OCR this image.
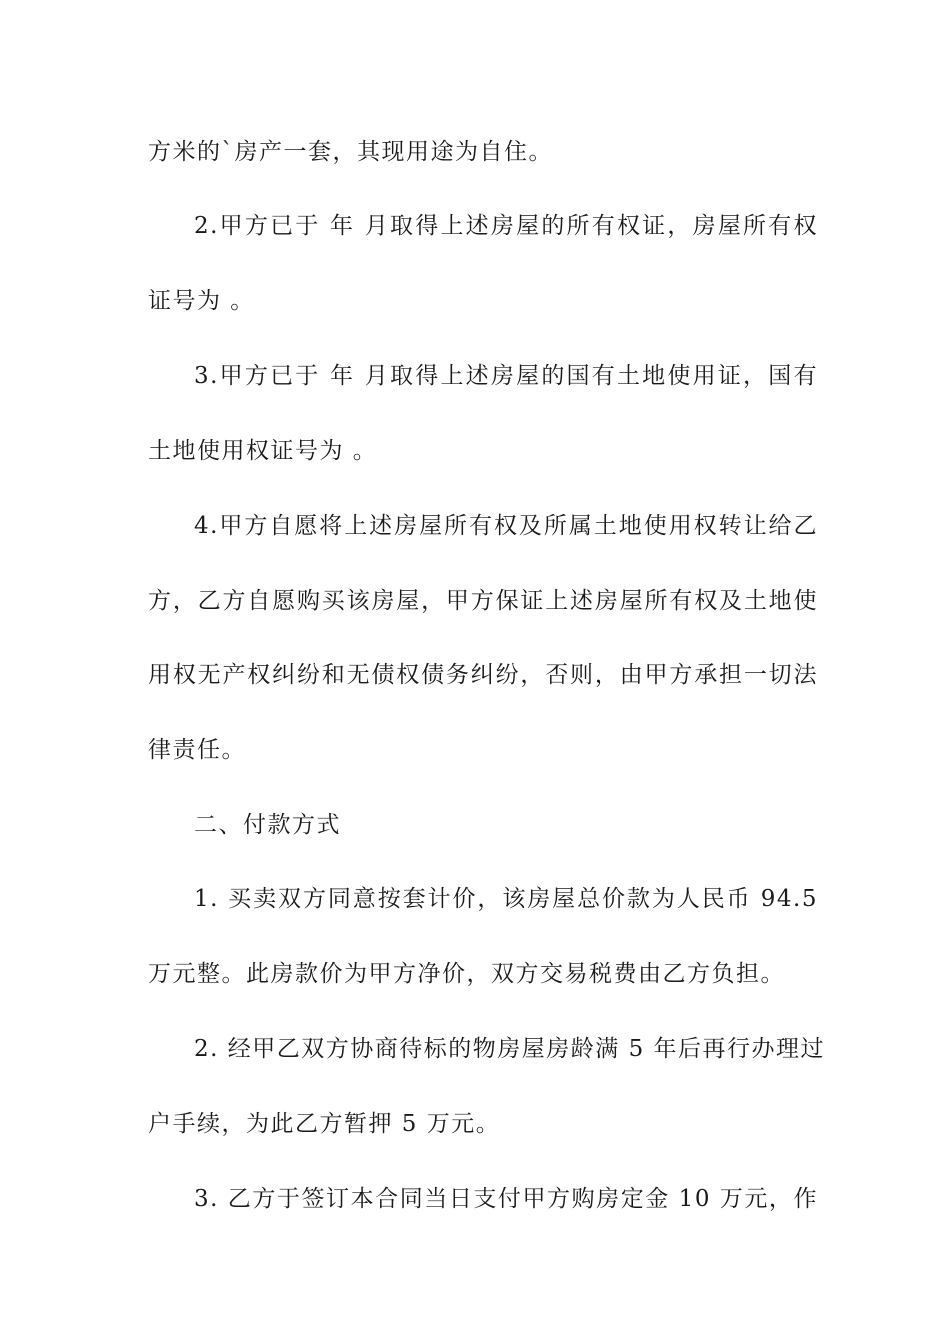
方米的`房产一套，其现用途为自住。
2.甲方已于 年 月取得上述房屋的所有权证，房屋所有权
证号为 。
3.甲方已于 年 月取得上述房屋的国有土地使用证，国有
土地使用权证号为 。
4.甲方自愿将上述房屋所有权及所属土地使用权转让给乙
方，乙方自愿购买该房屋，甲方保证上述房屋所有权及土地使
用权无产权纠纷和无债权债务纠纷，否则，由甲方承担一切法
律责任。
二、付款方式
1. 买卖双方同意按套计价，该房屋总价款为人民币 94.5
万元整。此房款价为甲方净价，双方交易税费由乙方负担。
2. 经甲乙双方协商待标的物房屋房龄满 5 年后再行办理过
户手续，为此乙方暂押 5 万元。
3. 乙方于签订本合同当日支付甲方购房定金 10 万元，作
